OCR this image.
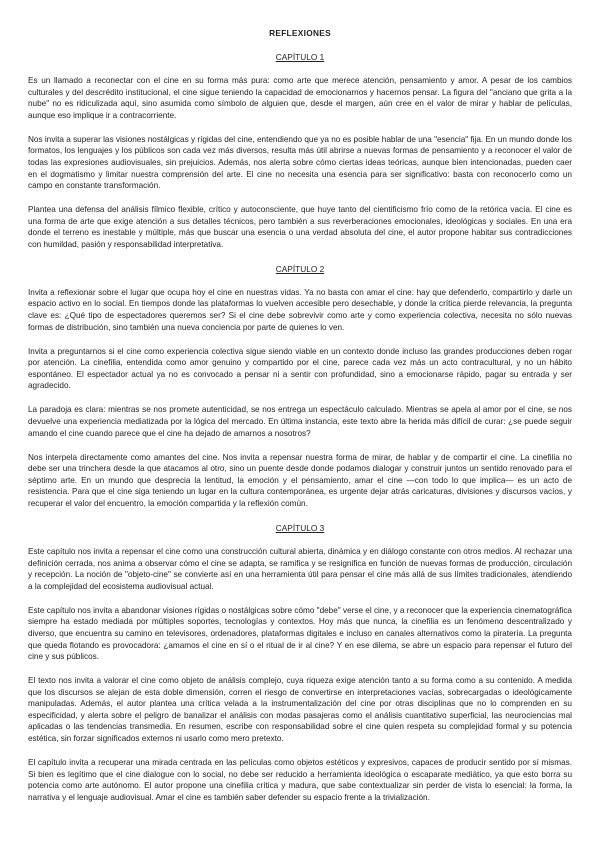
REFLEXIONES
CAPÍTULO 1

Es un llamado a reconectar con el cine en su forma más pura: como arte que merece atención, pensamiento y amor. A pesar de los cambios culturales y del descrédito institucional, el cine sigue teniendo la capacidad de emocionarnos y hacernos pensar. La figura del "anciano que grita a la nube" no es ridiculizada aquí, sino asumida como símbolo de alguien que, desde el margen, aún cree en el valor de mirar y hablar de películas, aunque eso implique ir a contracorriente.

Nos invita a superar las visiones nostálgicas y rígidas del cine, entendiendo que ya no es posible hablar de una "esencia" fija. En un mundo donde los formatos, los lenguajes y los públicos son cada vez más diversos, resulta más útil abrirse a nuevas formas de pensamiento y a reconocer el valor de todas las expresiones audiovisuales, sin prejuicios. Además, nos alerta sobre cómo ciertas ideas teóricas, aunque bien intencionadas, pueden caer en el dogmatismo y limitar nuestra comprensión del arte. El cine no necesita una esencia para ser significativo: basta con reconocerlo como un campo en constante transformación.

Plantea una defensa del análisis fílmico flexible, crítico y autoconsciente, que huye tanto del cientificismo frío como de la retórica vacía. El cine es una forma de arte que exige atención a sus detalles técnicos, pero también a sus reverberaciones emocionales, ideológicas y sociales. En una era donde el terreno es inestable y múltiple, más que buscar una esencia o una verdad absoluta del cine, el autor propone habitar sus contradicciones con humildad, pasión y responsabilidad interpretativa.

CAPÍTULO 2

Invita a reflexionar sobre el lugar que ocupa hoy el cine en nuestras vidas. Ya no basta con amar el cine: hay que defenderlo, compartirlo y darle un espacio activo en lo social. En tiempos donde las plataformas lo vuelven accesible pero desechable, y donde la crítica pierde relevancia, la pregunta clave es: ¿Qué tipo de espectadores queremos ser? Si el cine debe sobrevivir como arte y como experiencia colectiva, necesita no sólo nuevas formas de distribución, sino también una nueva conciencia por parte de quienes lo ven.

Invita a preguntarnos si el cine como experiencia colectiva sigue siendo viable en un contexto donde incluso las grandes producciones deben rogar por atención. La cinefilia, entendida como amor genuino y compartido por el cine, parece cada vez más un acto contracultural, y no un hábito espontáneo. El espectador actual ya no es convocado a pensar ni a sentir con profundidad, sino a emocionarse rápido, pagar su entrada y ser agradecido.

La paradoja es clara: mientras se nos promete autenticidad, se nos entrega un espectáculo calculado. Mientras se apela al amor por el cine, se nos devuelve una experiencia mediatizada por la lógica del mercado. En última instancia, este texto abre la herida más difícil de curar: ¿se puede seguir amando el cine cuando parece que el cine ha dejado de amarnos a nosotros?

Nos interpela directamente como amantes del cine. Nos invita a repensar nuestra forma de mirar, de hablar y de compartir el cine. La cinefilia no debe ser una trinchera desde la que atacamos al otro, sino un puente desde donde podamos dialogar y construir juntos un sentido renovado para el séptimo arte. En un mundo que desprecia la lentitud, la emoción y el pensamiento, amar el cine —con todo lo que implica— es un acto de resistencia. Para que el cine siga teniendo un lugar en la cultura contemporánea, es urgente dejar atrás caricaturas, divisiones y discursos vacíos, y recuperar el valor del encuentro, la emoción compartida y la reflexión común.

CAPÍTULO 3

Este capítulo nos invita a repensar el cine como una construcción cultural abierta, dinámica y en diálogo constante con otros medios. Al rechazar una definición cerrada, nos anima a observar cómo el cine se adapta, se ramifica y se resignifica en función de nuevas formas de producción, circulación y recepción. La noción de "objeto-cine" se convierte así en una herramienta útil para pensar el cine más allá de sus límites tradicionales, atendiendo a la complejidad del ecosistema audiovisual actual.

Este capítulo nos invita a abandonar visiones rígidas o nostálgicas sobre cómo "debe" verse el cine, y a reconocer que la experiencia cinematográfica siempre ha estado mediada por múltiples soportes, tecnologías y contextos. Hoy más que nunca, la cinefilia es un fenómeno descentralizado y diverso, que encuentra su camino en televisores, ordenadores, plataformas digitales e incluso en canales alternativos como la piratería. La pregunta que queda flotando es provocadora: ¿amamos el cine en sí o el ritual de ir al cine? Y en ese dilema, se abre un espacio para repensar el futuro del cine y sus públicos.

El texto nos invita a valorar el cine como objeto de análisis complejo, cuya riqueza exige atención tanto a su forma como a su contenido. A medida que los discursos se alejan de esta doble dimensión, corren el riesgo de convertirse en interpretaciones vacías, sobrecargadas o ideológicamente manipuladas. Además, el autor plantea una crítica velada a la instrumentalización del cine por otras disciplinas que no lo comprenden en su especificidad, y alerta sobre el peligro de banalizar el análisis con modas pasajeras como el análisis cuantitativo superficial, las neurociencias mal aplicadas o las tendencias transmedia. En resumen, escribe con responsabilidad sobre el cine quien respeta su complejidad formal y su potencia estética, sin forzar significados externos ni usarlo como mero pretexto.

El capítulo invita a recuperar una mirada centrada en las películas como objetos estéticos y expresivos, capaces de producir sentido por sí mismas. Si bien es legítimo que el cine dialogue con lo social, no debe ser reducido a herramienta ideológica o escaparate mediático, ya que esto borra su potencia como arte autónomo. El autor propone una cinefilia crítica y madura, que sabe contextualizar sin perder de vista lo esencial: la forma, la narrativa y el lenguaje audiovisual. Amar el cine es también saber defender su espacio frente a la trivialización.
